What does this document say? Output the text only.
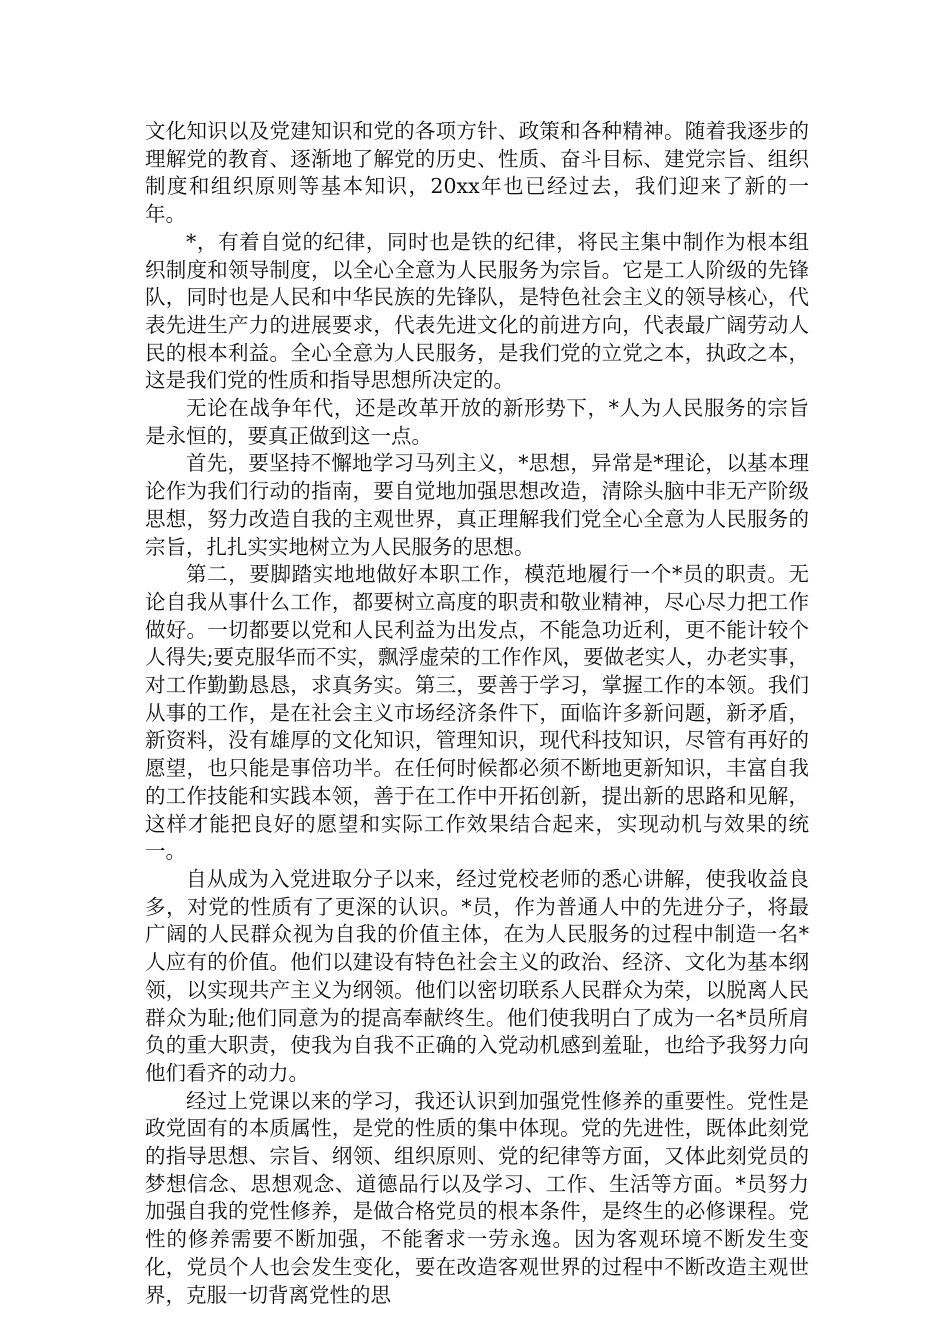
文化知识以及党建知识和党的各项方针、政策和各种精神。随着我逐步的理解党的教育、逐渐地了解党的历史、性质、奋斗目标、建党宗旨、组织制度和组织原则等基本知识，20xx年也已经过去，我们迎来了新的一年。

*，有着自觉的纪律，同时也是铁的纪律，将民主集中制作为根本组织制度和领导制度，以全心全意为人民服务为宗旨。它是工人阶级的先锋队，同时也是人民和中华民族的先锋队，是特色社会主义的领导核心，代表先进生产力的进展要求，代表先进文化的前进方向，代表最广阔劳动人民的根本利益。全心全意为人民服务，是我们党的立党之本，执政之本，这是我们党的性质和指导思想所决定的。

无论在战争年代，还是改革开放的新形势下，*人为人民服务的宗旨是永恒的，要真正做到这一点。

首先，要坚持不懈地学习马列主义，*思想，异常是*理论，以基本理论作为我们行动的指南，要自觉地加强思想改造，清除头脑中非无产阶级思想，努力改造自我的主观世界，真正理解我们党全心全意为人民服务的宗旨，扎扎实实地树立为人民服务的思想。

第二，要脚踏实地地做好本职工作，模范地履行一个*员的职责。无论自我从事什么工作，都要树立高度的职责和敬业精神，尽心尽力把工作做好。一切都要以党和人民利益为出发点，不能急功近利，更不能计较个人得失;要克服华而不实，飘浮虚荣的工作作风，要做老实人，办老实事，对工作勤勤恳恳，求真务实。第三，要善于学习，掌握工作的本领。我们从事的工作，是在社会主义市场经济条件下，面临许多新问题，新矛盾，新资料，没有雄厚的文化知识，管理知识，现代科技知识，尽管有再好的愿望，也只能是事倍功半。在任何时候都必须不断地更新知识，丰富自我的工作技能和实践本领，善于在工作中开拓创新，提出新的思路和见解，这样才能把良好的愿望和实际工作效果结合起来，实现动机与效果的统一。

自从成为入党进取分子以来，经过党校老师的悉心讲解，使我收益良多，对党的性质有了更深的认识。*员，作为普通人中的先进分子，将最广阔的人民群众视为自我的价值主体，在为人民服务的过程中制造一名*人应有的价值。他们以建设有特色社会主义的政治、经济、文化为基本纲领，以实现共产主义为纲领。他们以密切联系人民群众为荣，以脱离人民群众为耻;他们同意为的提高奉献终生。他们使我明白了成为一名*员所肩负的重大职责，使我为自我不正确的入党动机感到羞耻，也给予我努力向他们看齐的动力。

经过上党课以来的学习，我还认识到加强党性修养的重要性。党性是政党固有的本质属性，是党的性质的集中体现。党的先进性，既体此刻党的指导思想、宗旨、纲领、组织原则、党的纪律等方面，又体此刻党员的梦想信念、思想观念、道德品行以及学习、工作、生活等方面。*员努力加强自我的党性修养，是做合格党员的根本条件，是终生的必修课程。党性的修养需要不断加强，不能奢求一劳永逸。因为客观环境不断发生变化，党员个人也会发生变化，要在改造客观世界的过程中不断改造主观世界，克服一切背离党性的思
